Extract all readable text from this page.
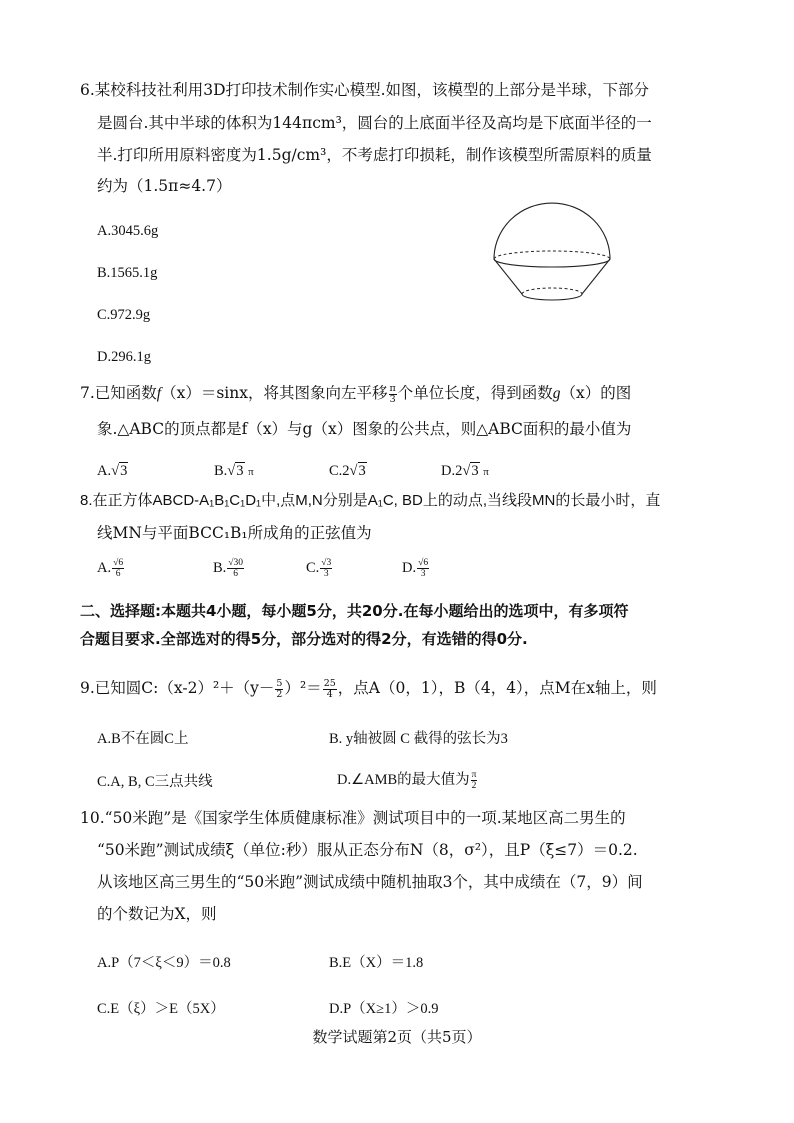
6.某校科技社利用3D打印技术制作实心模型.如图，该模型的上部分是半球，下部分
是圆台.其中半球的体积为144πcm³，圆台的上底面半径及高均是下底面半径的一
半.打印所用原料密度为1.5g/cm³，不考虑打印损耗，制作该模型所需原料的质量
约为（1.5π≈4.7）
A.3045.6g
B.1565.1g
C.972.9g
D.296.1g
7.已知函数f（x）＝sinx，将其图象向左平移 $\frac{\pi}{3}$ 个单位长度，得到函数g（x）的图
象.△ABC的顶点都是f（x）与g（x）图象的公共点，则△ABC面积的最小值为
A.√3	B.√3 π	C.2√3	D.2√3 π
8.在正方体ABCD-A₁B₁C₁D₁中,点M,N分别是A₁C, BD上的动点,当线段MN的长最小时，直
线MN与平面BCC₁B₁所成角的正弦值为
A. $\frac{√6}{6}$	B. $\frac{√30}{6}$	C. $\frac{√3}{3}$	D. $\frac{√6}{3}$
二、选择题:本题共4小题，每小题5分，共20分.在每小题给出的选项中，有多项符
合题目要求.全部选对的得5分，部分选对的得2分，有选错的得0分.
9.已知圆C:（x-2）²＋（y－ $\frac{5}{2} )^2= \frac{25}{4}$ ，点A（0，1），B（4，4），点M在x轴上，则
A.B不在圆C上	B. y轴被圆 C 截得的弦长为3
C.A, B, C三点共线	D.∠AMB的最大值为 $\frac{\pi}{2}$
10.“50米跑”是《国家学生体质健康标准》测试项目中的一项.某地区高二男生的
“50米跑”测试成绩ξ（单位:秒）服从正态分布N（8，σ²），且P（ξ≤7）＝0.2.
从该地区高三男生的“50米跑”测试成绩中随机抽取3个，其中成绩在（7，9）间
的个数记为X，则
A.P（7＜ξ＜9）＝0.8	B.E（X）＝1.8
C.E（ξ）＞E（5X）	D.P（X≥1）＞0.9
数学试题第2页（共5页）
